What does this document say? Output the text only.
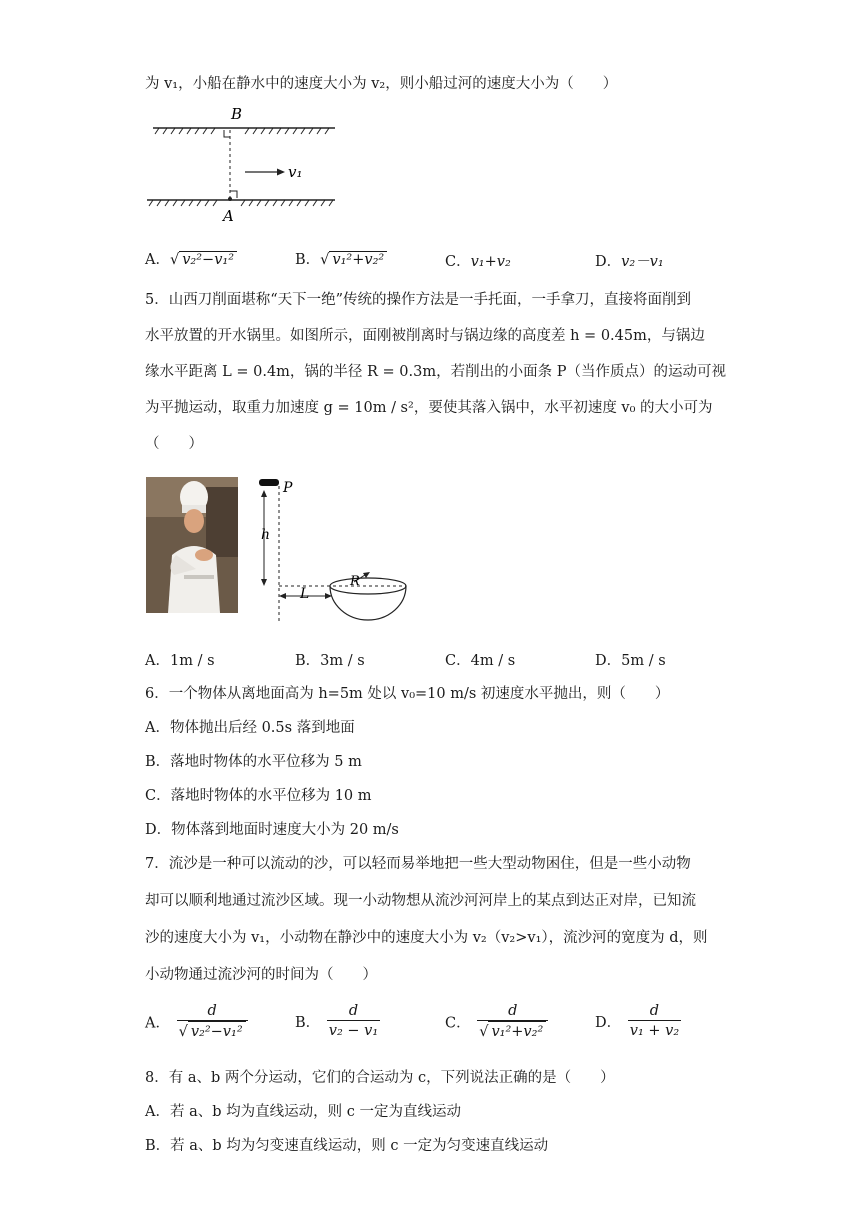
为 v₁，小船在静水中的速度大小为 v₂，则小船过河的速度大小为（　　）
B
A
v₁
A．√ v₂²−v₁²	B．√ v₁²+v₂²	C．v₁+v₂	D．v₂－v₁
5．山西刀削面堪称“天下一绝”传统的操作方法是一手托面，一手拿刀，直接将面削到
水平放置的开水锅里。如图所示，面刚被削离时与锅边缘的高度差 h = 0.45m，与锅边
缘水平距离 L = 0.4m，锅的半径 R = 0.3m，若削出的小面条 P（当作质点）的运动可视
为平抛运动，取重力加速度 g = 10m / s²，要使其落入锅中，水平初速度 v₀ 的大小可为
（　　）
P
h
L
R
A．1m / s	B．3m / s	C．4m / s	D．5m / s
6．一个物体从离地面高为 h=5m 处以 v₀=10 m/s 初速度水平抛出，则（　　）
A．物体抛出后经 0.5s 落到地面
B．落地时物体的水平位移为 5 m
C．落地时物体的水平位移为 10 m
D．物体落到地面时速度大小为 20 m/s
7．流沙是一种可以流动的沙，可以轻而易举地把一些大型动物困住，但是一些小动物
却可以顺利地通过流沙区域。现一小动物想从流沙河河岸上的某点到达正对岸，已知流
沙的速度大小为 v₁，小动物在静沙中的速度大小为 v₂（v₂>v₁），流沙河的宽度为 d，则
小动物通过流沙河的时间为（　　）
A． $\frac{d}{\text{√ v₂²−v₁²}}$	B． $\frac{d}{\text{v₂ − v₁}}$	C． $\frac{d}{\text{√ v₁²+v₂²}}$	D． $\frac{d}{\text{v₁ + v₂}}$
8．有 a、b 两个分运动，它们的合运动为 c，下列说法正确的是（　　）
A．若 a、b 均为直线运动，则 c 一定为直线运动
B．若 a、b 均为匀变速直线运动，则 c 一定为匀变速直线运动
